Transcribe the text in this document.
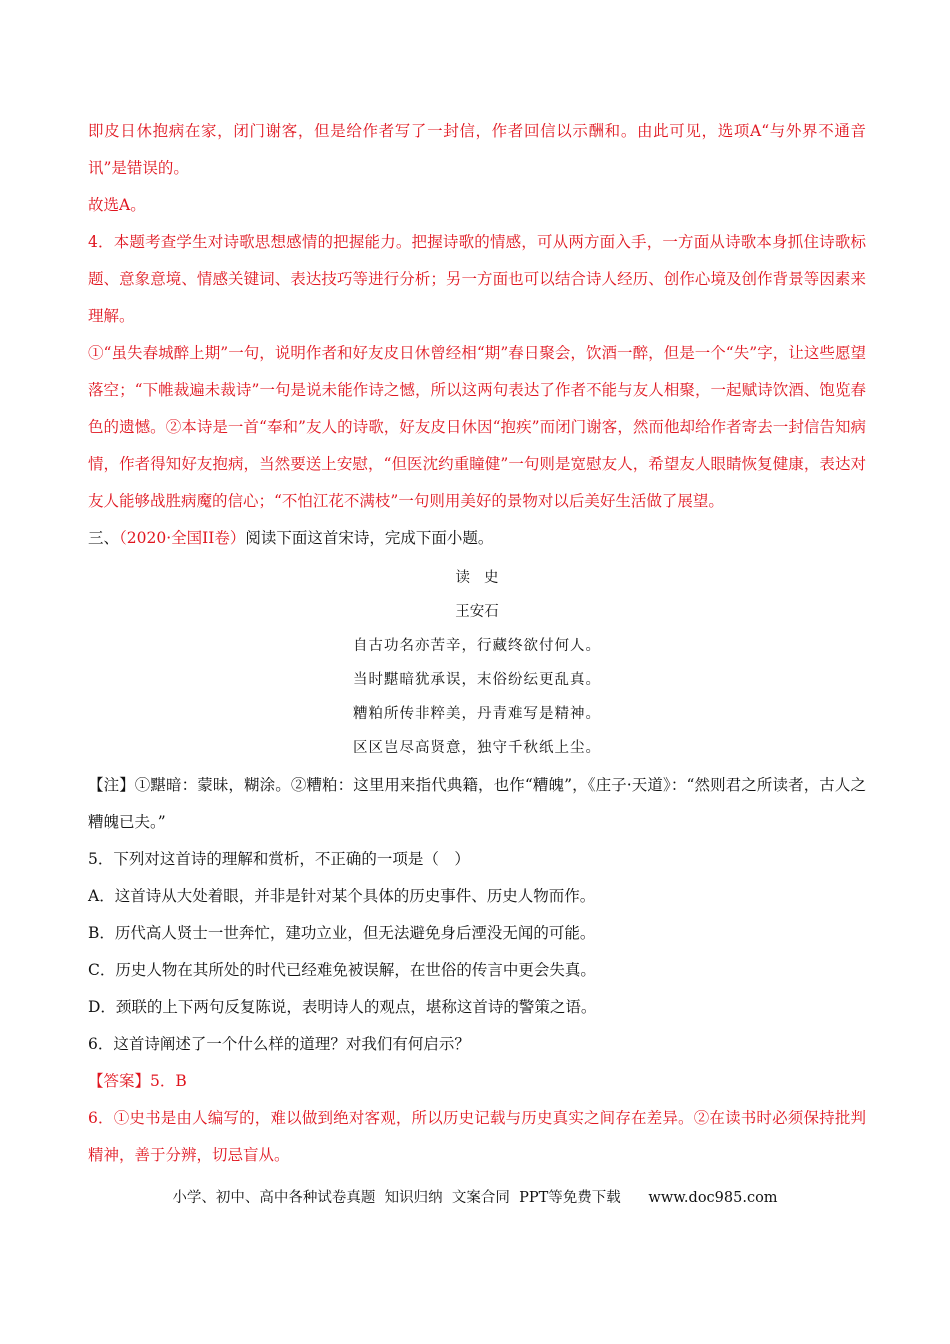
即皮日休抱病在家，闭门谢客，但是给作者写了一封信，作者回信以示酬和。由此可见，选项A“与外界不通音讯”是错误的。

故选A。

4．本题考查学生对诗歌思想感情的把握能力。把握诗歌的情感，可从两方面入手，一方面从诗歌本身抓住诗歌标题、意象意境、情感关键词、表达技巧等进行分析；另一方面也可以结合诗人经历、创作心境及创作背景等因素来理解。

①“虽失春城醉上期”一句，说明作者和好友皮日休曾经相“期”春日聚会，饮酒一醉，但是一个“失”字，让这些愿望落空；“下帷裁遍未裁诗”一句是说未能作诗之憾，所以这两句表达了作者不能与友人相聚，一起赋诗饮酒、饱览春色的遗憾。②本诗是一首“奉和”友人的诗歌，好友皮日休因“抱疾”而闭门谢客，然而他却给作者寄去一封信告知病情，作者得知好友抱病，当然要送上安慰，“但医沈约重瞳健”一句则是宽慰友人，希望友人眼睛恢复健康，表达对友人能够战胜病魔的信心；“不怕江花不满枝”一句则用美好的景物对以后美好生活做了展望。

三、（2020·全国II卷）阅读下面这首宋诗，完成下面小题。

读史
王安石
自古功名亦苦辛，行藏终欲付何人。
当时黮暗犹承误，末俗纷纭更乱真。
糟粕所传非粹美，丹青难写是精神。
区区岂尽高贤意，独守千秋纸上尘。

【注】①黮暗：蒙昧，糊涂。②糟粕：这里用来指代典籍，也作“糟魄”，《庄子·天道》：“然则君之所读者，古人之糟魄已夫。”

5．下列对这首诗的理解和赏析，不正确的一项是（　）

A．这首诗从大处着眼，并非是针对某个具体的历史事件、历史人物而作。

B．历代高人贤士一世奔忙，建功立业，但无法避免身后湮没无闻的可能。

C．历史人物在其所处的时代已经难免被误解，在世俗的传言中更会失真。

D．颈联的上下两句反复陈说，表明诗人的观点，堪称这首诗的警策之语。

6．这首诗阐述了一个什么样的道理？对我们有何启示？

【答案】5．B

6．①史书是由人编写的，难以做到绝对客观，所以历史记载与历史真实之间存在差异。②在读书时必须保持批判精神，善于分辨，切忌盲从。

小学、初中、高中各种试卷真题  知识归纳  文案合同  PPT等免费下载      www.doc985.com
